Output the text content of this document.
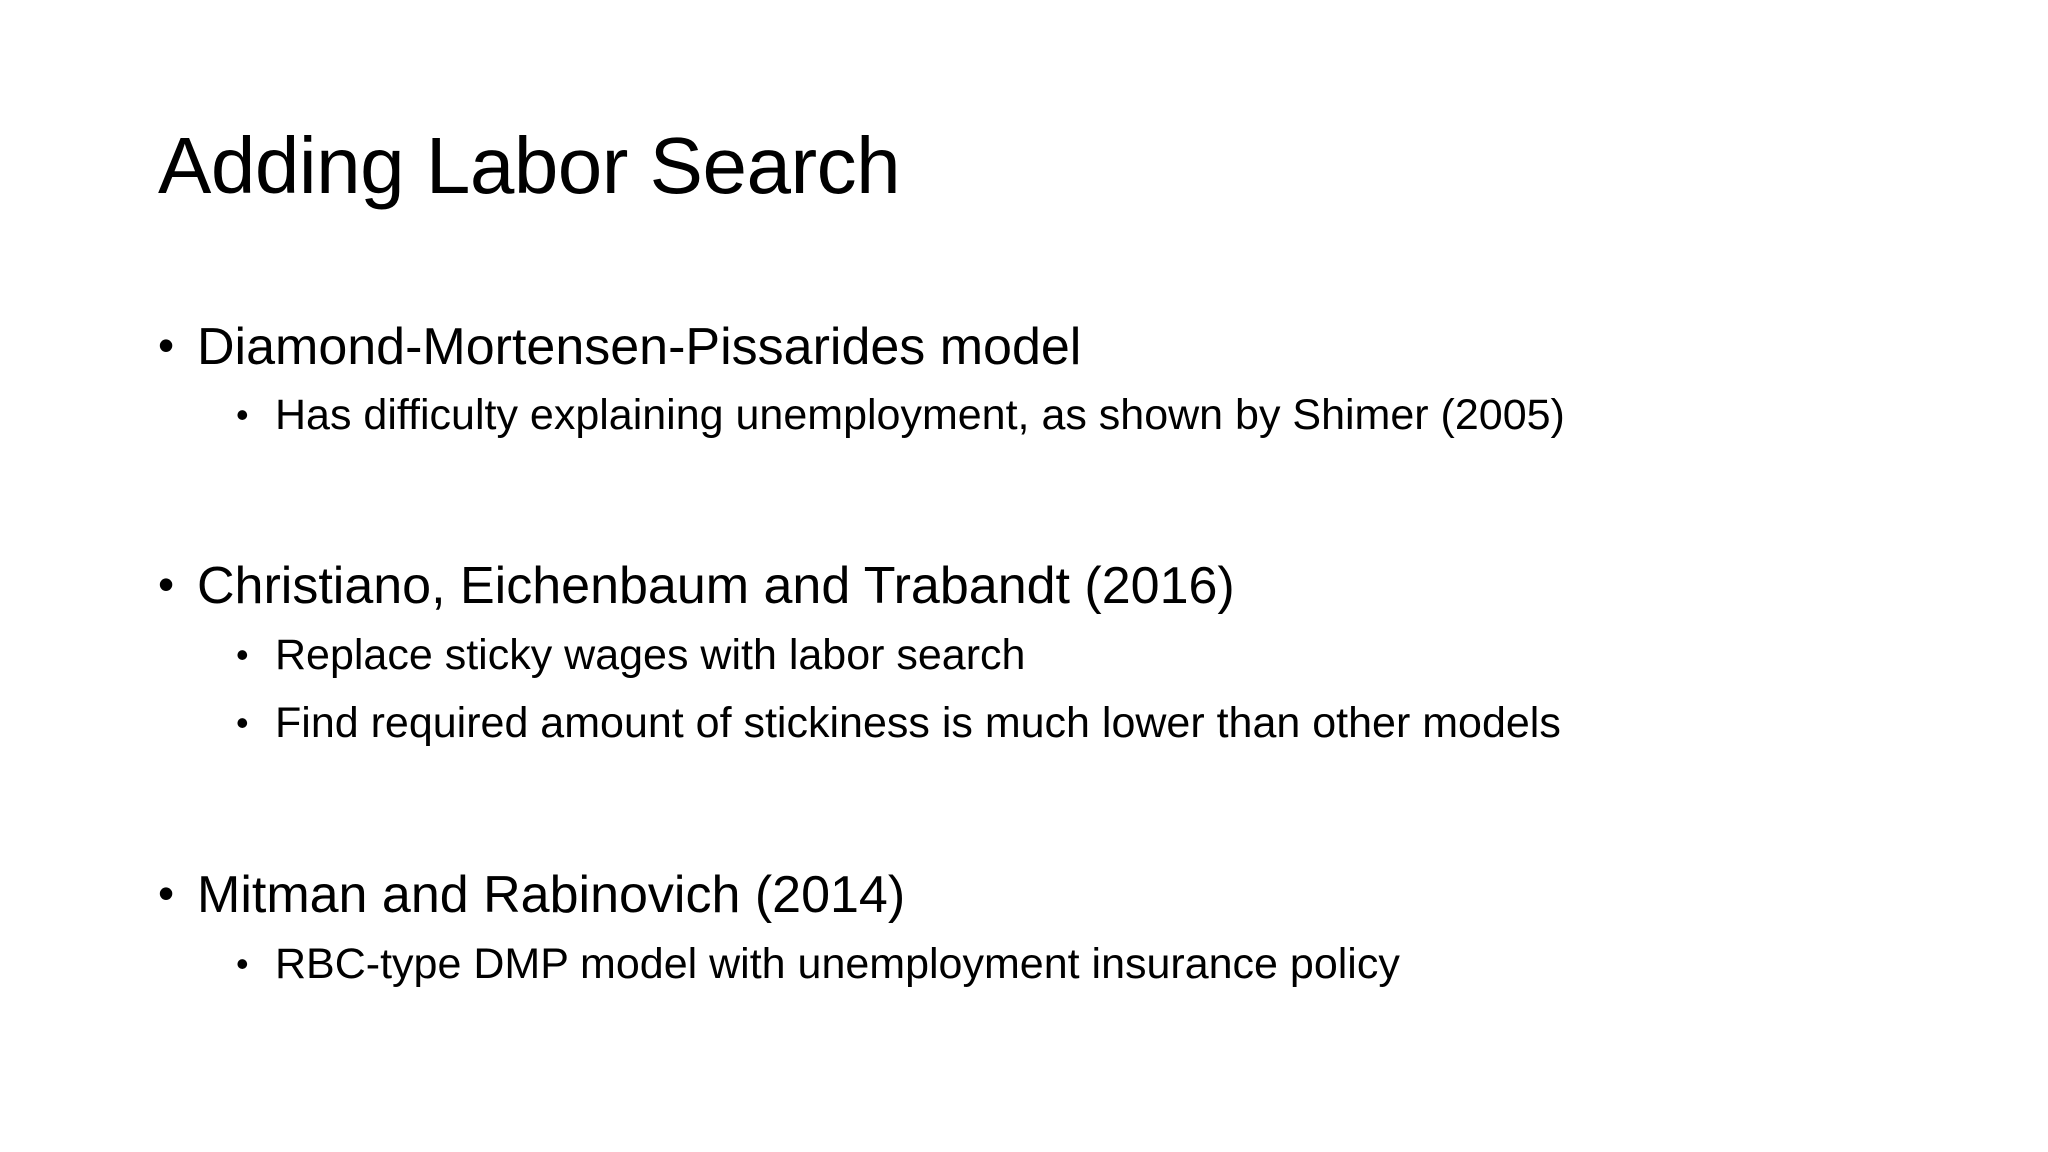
Adding Labor Search
• Diamond-Mortensen-Pissarides model
• Has difficulty explaining unemployment, as shown by Shimer (2005)
• Christiano, Eichenbaum and Trabandt (2016)
• Replace sticky wages with labor search
• Find required amount of stickiness is much lower than other models
• Mitman and Rabinovich (2014)
• RBC-type DMP model with unemployment insurance policy
